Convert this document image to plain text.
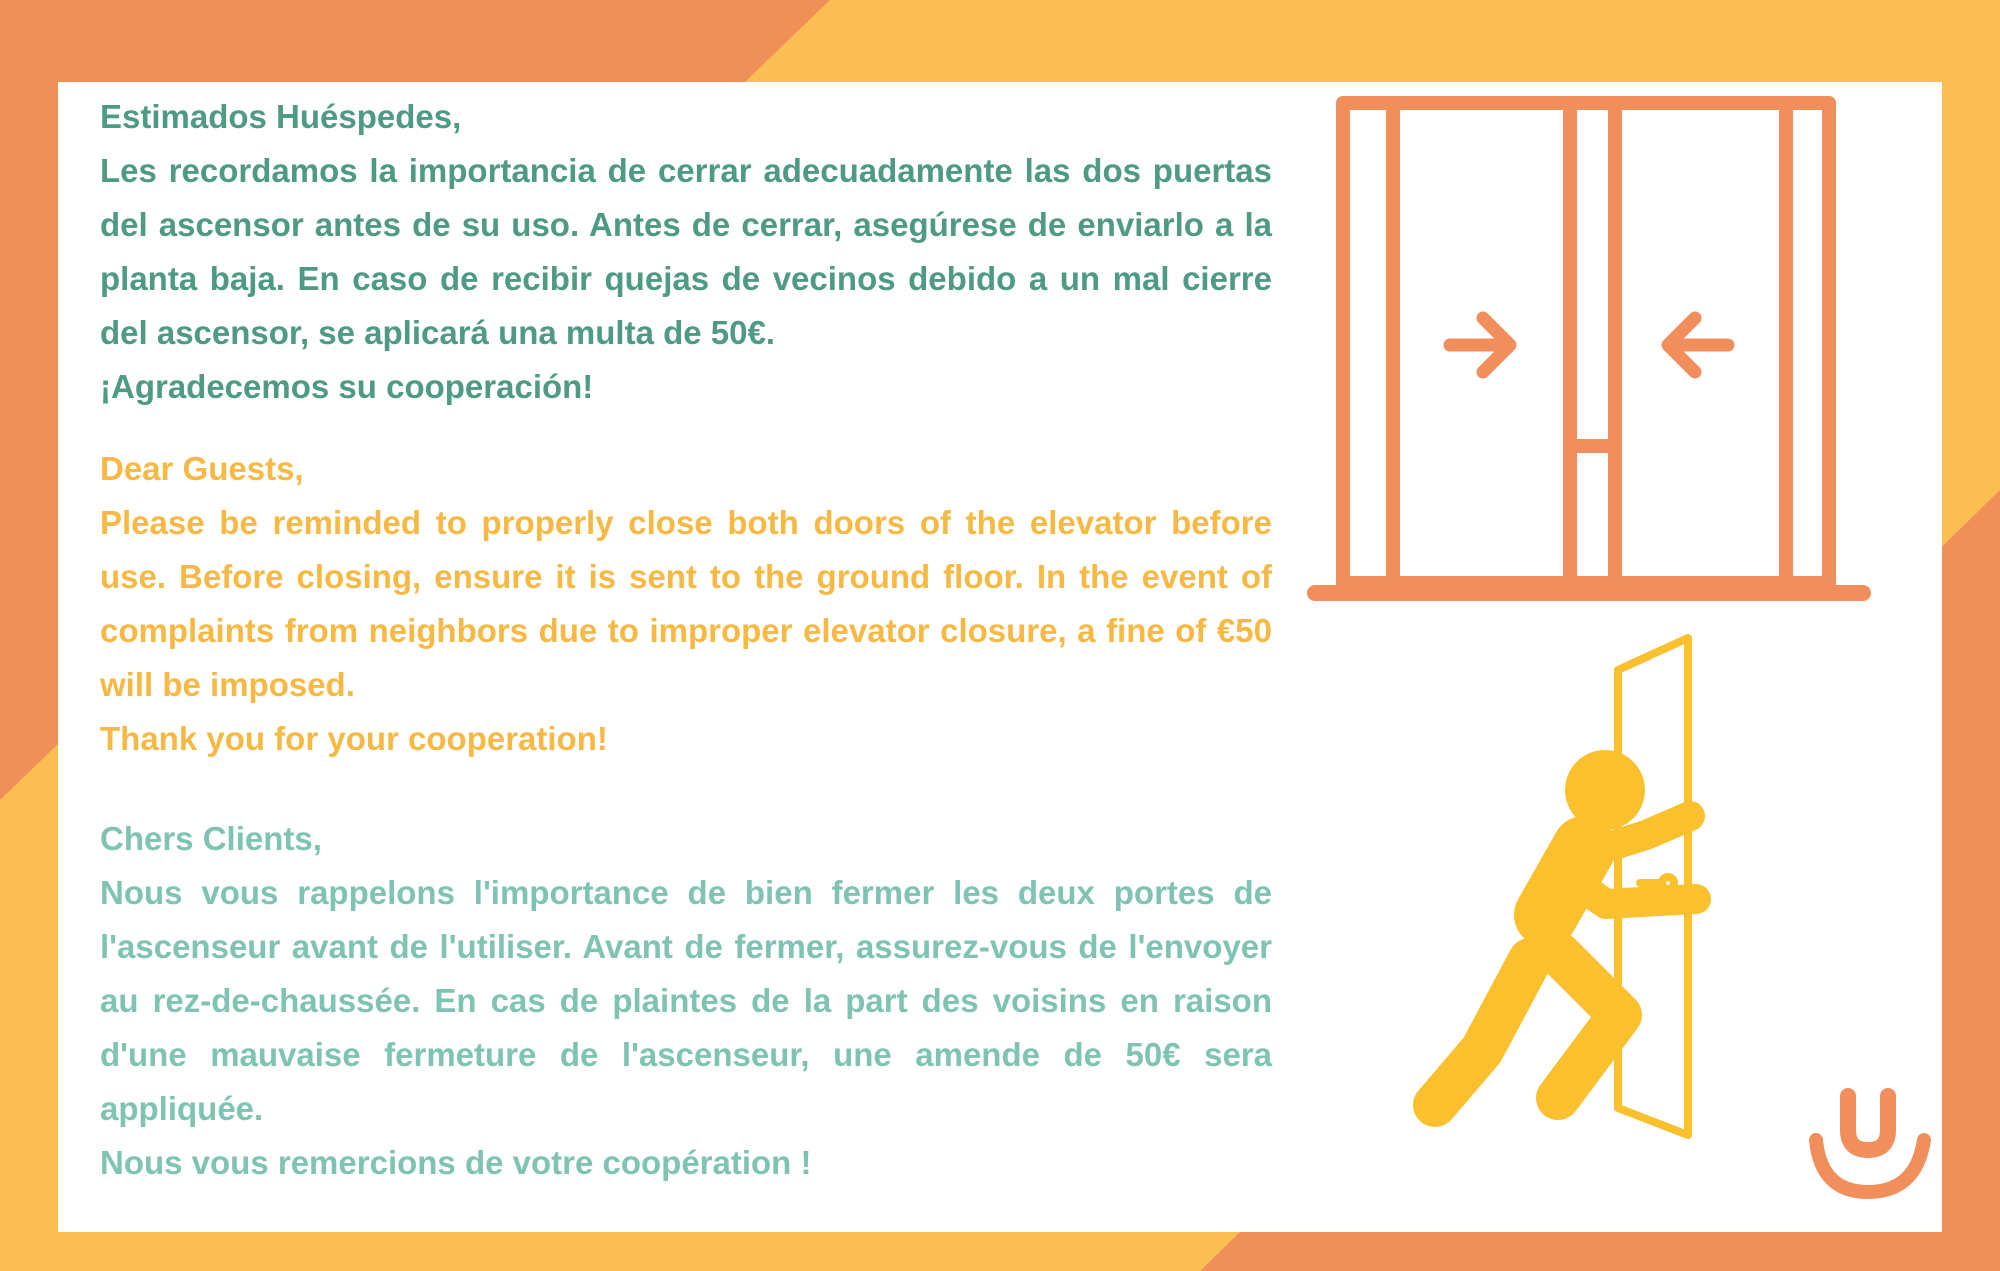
Estimados Huéspedes,

Les recordamos la importancia de cerrar adecuadamente las dos puertas del ascensor antes de su uso. Antes de cerrar, asegúrese de enviarlo a la planta baja. En caso de recibir quejas de vecinos debido a un mal cierre del ascensor, se aplicará una multa de 50€.

¡Agradecemos su cooperación!

Dear Guests,

Please be reminded to properly close both doors of the elevator before use. Before closing, ensure it is sent to the ground floor. In the event of complaints from neighbors due to improper elevator closure, a fine of €50 will be imposed.

Thank you for your cooperation!

Chers Clients,

Nous vous rappelons l'importance de bien fermer les deux portes de l'ascenseur avant de l'utiliser. Avant de fermer, assurez-vous de l'envoyer au rez-de-chaussée. En cas de plaintes de la part des voisins en raison d'une mauvaise fermeture de l'ascenseur, une amende de 50€ sera appliquée.

Nous vous remercions de votre coopération !
